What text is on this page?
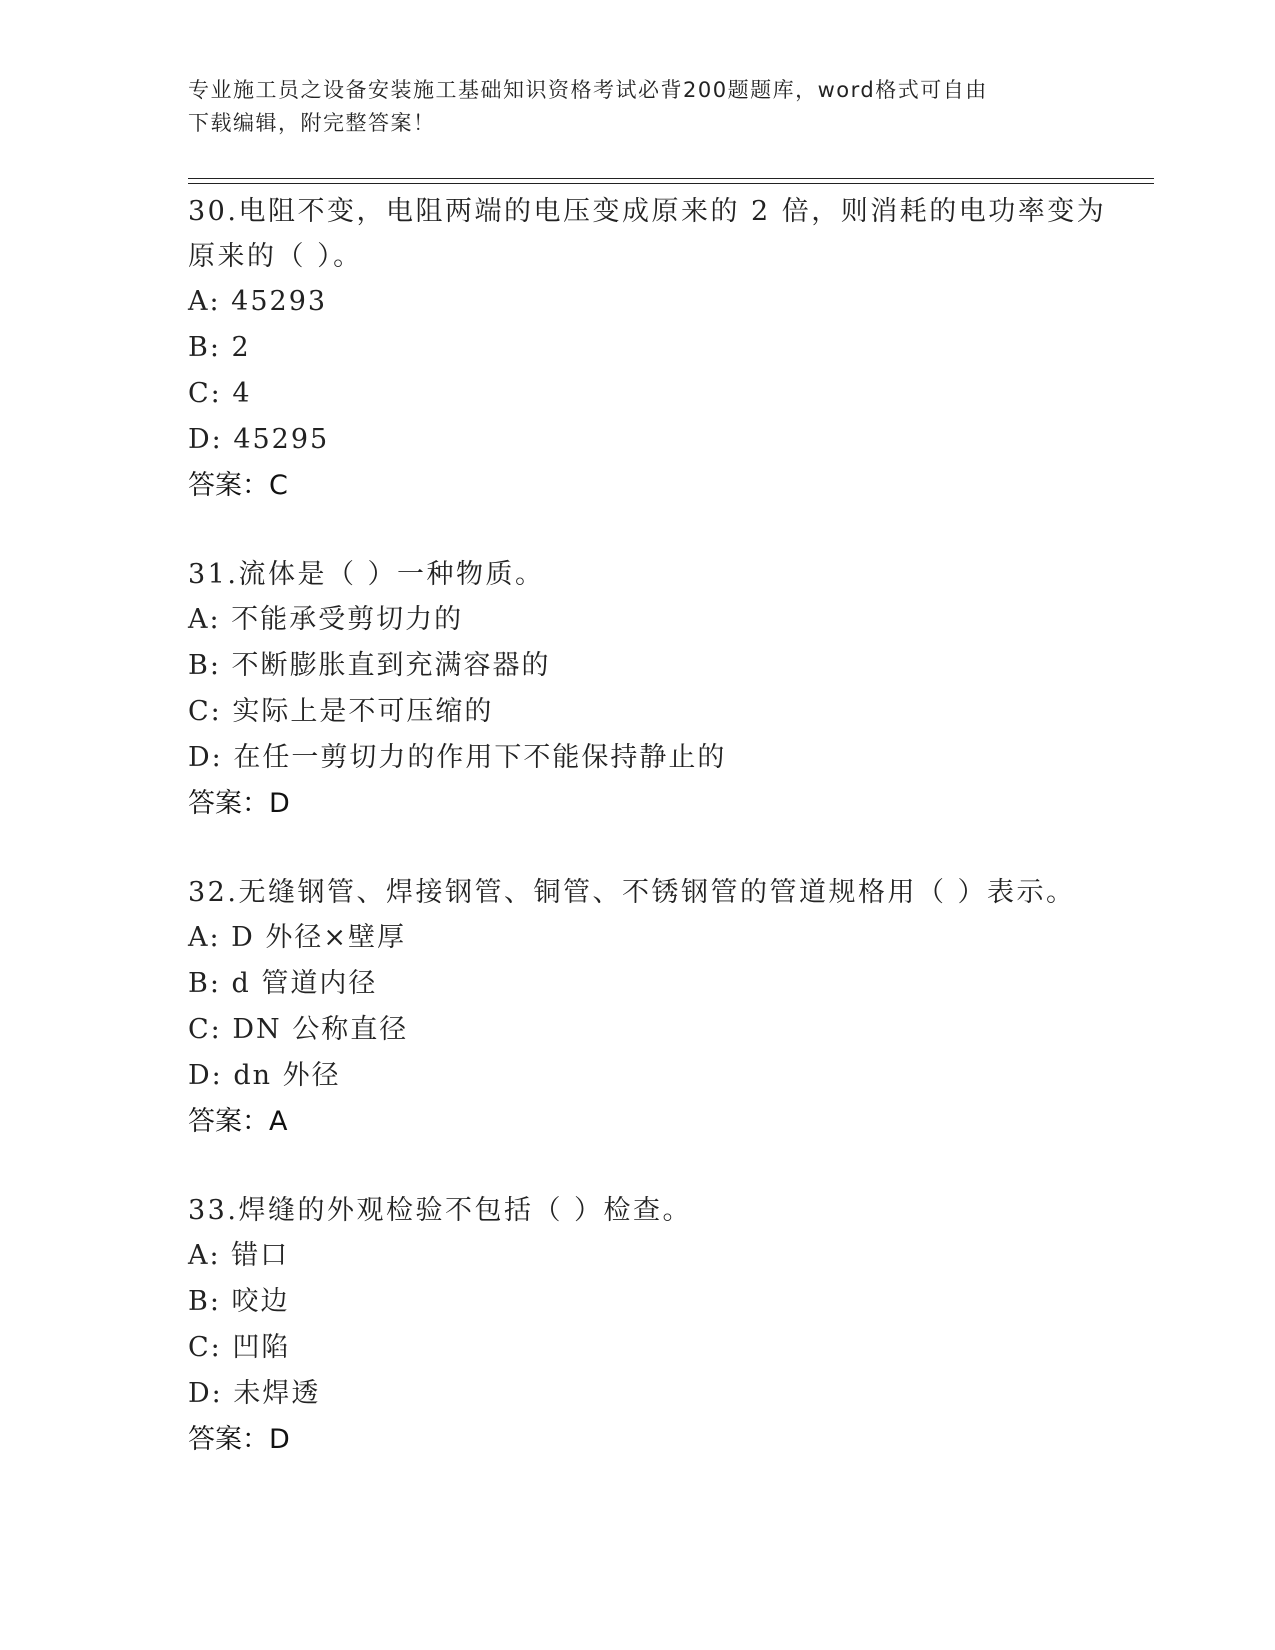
专业施工员之设备安装施工基础知识资格考试必背200题题库，word格式可自由
下载编辑，附完整答案！

30.电阻不变，电阻两端的电压变成原来的 2 倍，则消耗的电功率变为

原来的（ ）。

A: 45293

B: 2

C: 4

D: 45295

答案：C

31.流体是（ ）一种物质。

A: 不能承受剪切力的

B: 不断膨胀直到充满容器的

C: 实际上是不可压缩的

D: 在任一剪切力的作用下不能保持静止的

答案：D

32.无缝钢管、焊接钢管、铜管、不锈钢管的管道规格用（ ）表示。

A: D 外径×壁厚

B: d 管道内径

C: DN 公称直径

D: dn 外径

答案：A

33.焊缝的外观检验不包括（ ）检查。

A: 错口

B: 咬边

C: 凹陷

D: 未焊透

答案：D
